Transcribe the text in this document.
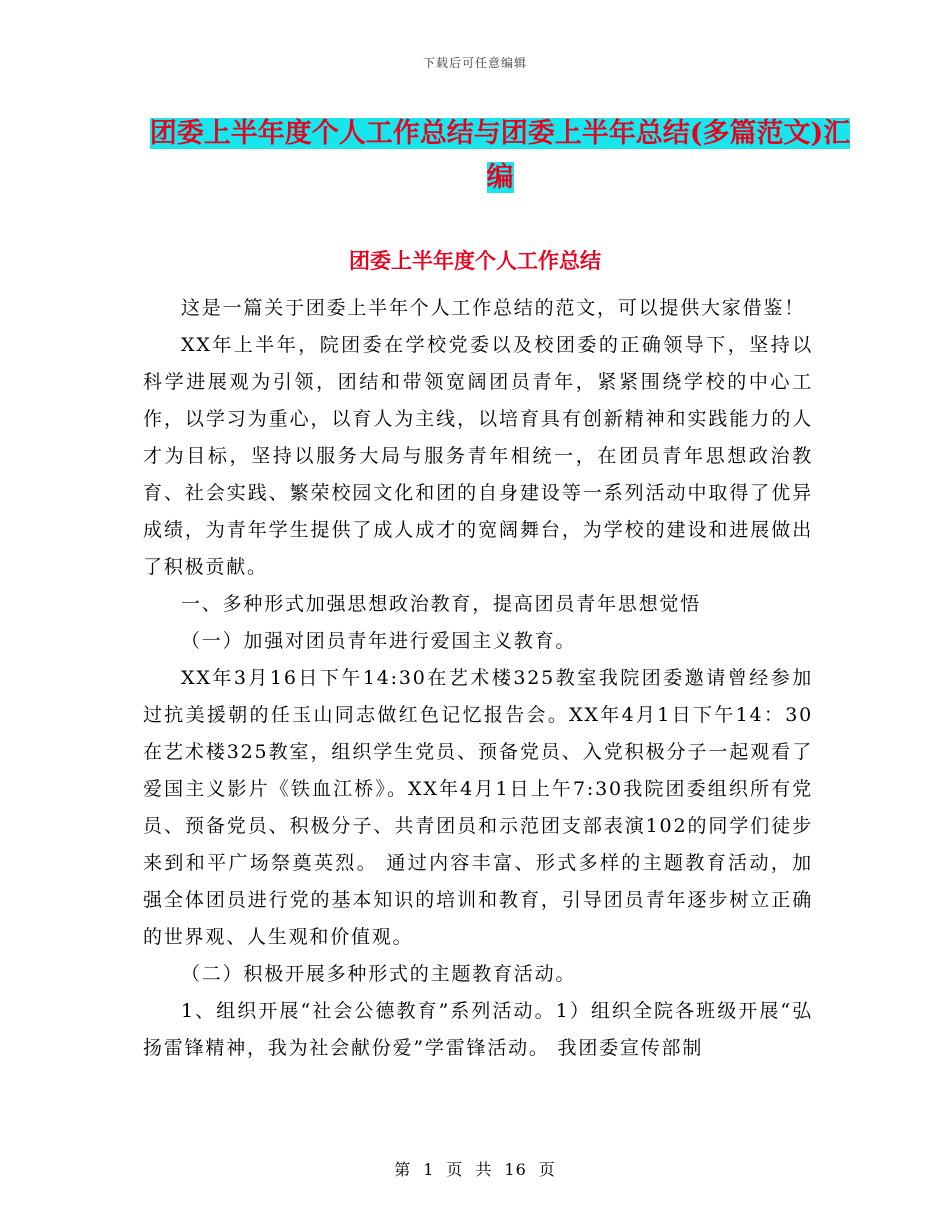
下载后可任意编辑
团委上半年度个人工作总结与团委上半年总结(多篇范文)汇编
团委上半年度个人工作总结

这是一篇关于团委上半年个人工作总结的范文，可以提供大家借鉴！

XX年上半年，院团委在学校党委以及校团委的正确领导下，坚持以科学进展观为引领，团结和带领宽阔团员青年，紧紧围绕学校的中心工作，以学习为重心，以育人为主线，以培育具有创新精神和实践能力的人才为目标，坚持以服务大局与服务青年相统一，在团员青年思想政治教育、社会实践、繁荣校园文化和团的自身建设等一系列活动中取得了优异成绩，为青年学生提供了成人成才的宽阔舞台，为学校的建设和进展做出了积极贡献。

一、多种形式加强思想政治教育，提高团员青年思想觉悟

（一）加强对团员青年进行爱国主义教育。

XX年3月16日下午14:30在艺术楼325教室我院团委邀请曾经参加过抗美援朝的任玉山同志做红色记忆报告会。XX年4月1日下午14：30在艺术楼325教室，组织学生党员、预备党员、入党积极分子一起观看了爱国主义影片《铁血江桥》。XX年4月1日上午7:30我院团委组织所有党员、预备党员、积极分子、共青团员和示范团支部表演102的同学们徒步来到和平广场祭奠英烈。 通过内容丰富、形式多样的主题教育活动，加强全体团员进行党的基本知识的培训和教育，引导团员青年逐步树立正确的世界观、人生观和价值观。

（二）积极开展多种形式的主题教育活动。

1、组织开展“社会公德教育”系列活动。1）组织全院各班级开展“弘扬雷锋精神，我为社会献份爱”学雷锋活动。 我团委宣传部制

第 1 页 共 16 页
